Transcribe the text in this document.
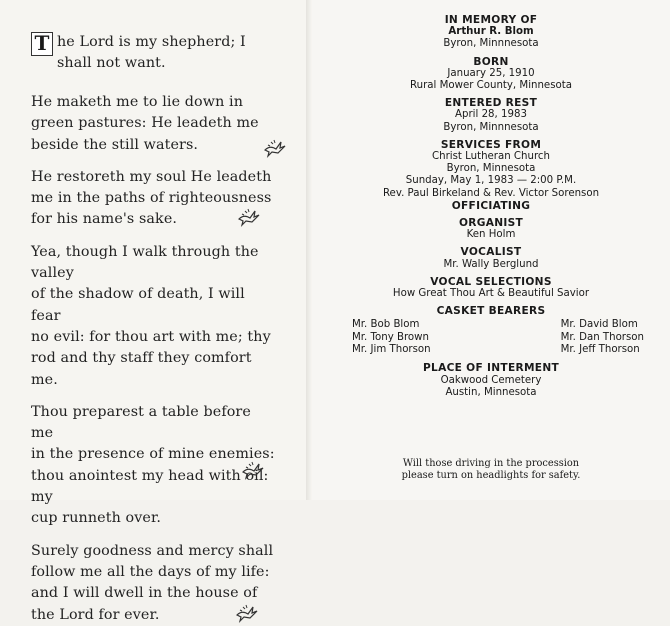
T he Lord is my shepherd; I
shall not want.

He maketh me to lie down in
green pastures: He leadeth me
beside the still waters.

He restoreth my soul He leadeth
me in the paths of righteousness
for his name's sake.

Yea, though I walk through the valley
of the shadow of death, I will fear
no evil: for thou art with me; thy
rod and thy staff they comfort me.

Thou preparest a table before me
in the presence of mine enemies:
thou anointest my head with oil: my
cup runneth over.

Surely goodness and mercy shall
follow me all the days of my life:
and I will dwell in the house of
the Lord for ever.

IN MEMORY OF
Arthur R. Blom
Byron, Minnnesota
BORN
January 25, 1910
Rural Mower County, Minnesota
ENTERED REST
April 28, 1983
Byron, Minnnesota
SERVICES FROM
Christ Lutheran Church
Byron, Minnesota
Sunday, May 1, 1983 — 2:00 P.M.
Rev. Paul Birkeland & Rev. Victor Sorenson
OFFICIATING
ORGANIST
Ken Holm
VOCALIST
Mr. Wally Berglund
VOCAL SELECTIONS
How Great Thou Art & Beautiful Savior
CASKET BEARERS
Mr. Bob Blom
Mr. Tony Brown
Mr. Jim Thorson
Mr. David Blom
Mr. Dan Thorson
Mr. Jeff Thorson
PLACE OF INTERMENT
Oakwood Cemetery
Austin, Minnesota
Will those driving in the procession
please turn on headlights for safety.
